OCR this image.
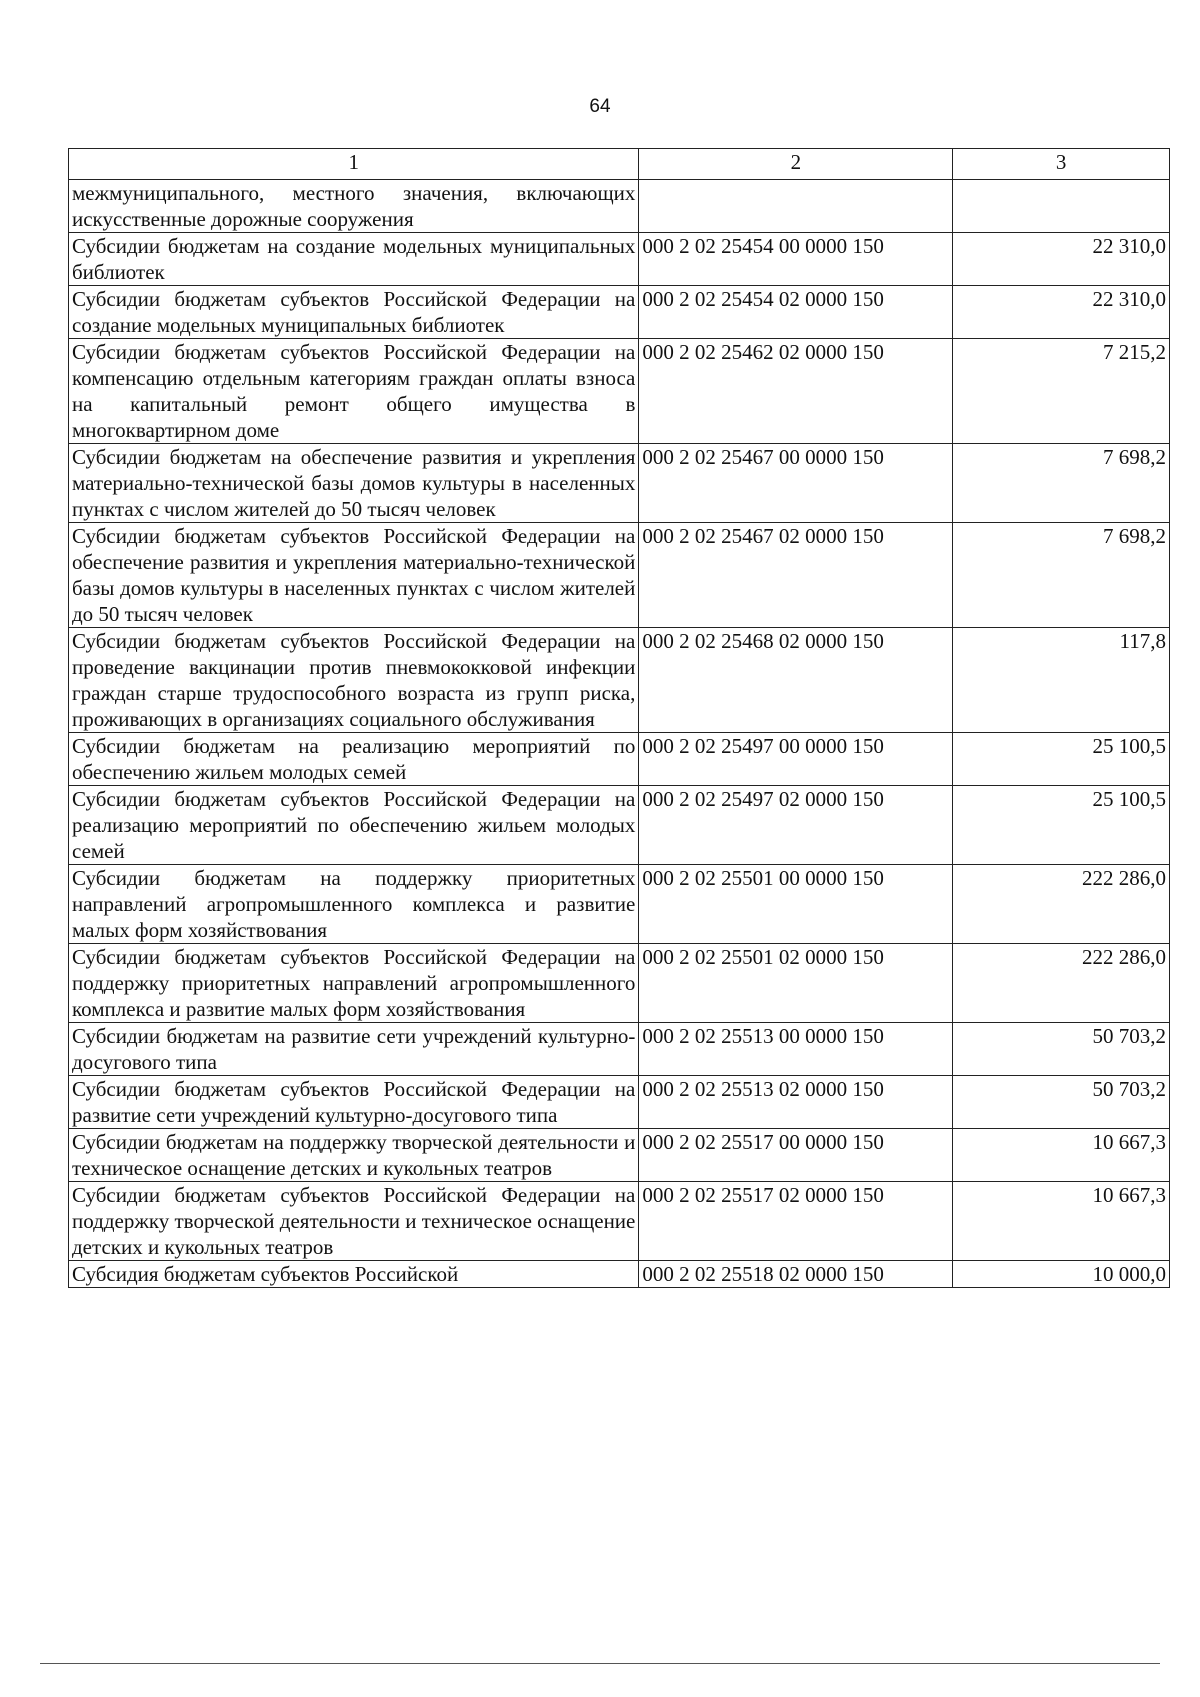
64
1	2	3
межмуниципального, местного значения, включающих искусственные дорожные сооружения		
Субсидии бюджетам на создание модельных муниципальных библиотек	000 2 02 25454 00 0000 150	22 310,0
Субсидии бюджетам субъектов Российской Федерации на создание модельных муниципальных библиотек	000 2 02 25454 02 0000 150	22 310,0
Субсидии бюджетам субъектов Российской Федерации на компенсацию отдельным категориям граждан оплаты взноса на капитальный ремонт общего имущества в многоквартирном доме	000 2 02 25462 02 0000 150	7 215,2
Субсидии бюджетам на обеспечение развития и укрепления материально-технической базы домов культуры в населенных пунктах с числом жителей до 50 тысяч человек	000 2 02 25467 00 0000 150	7 698,2
Субсидии бюджетам субъектов Российской Федерации на обеспечение развития и укрепления материально-технической базы домов культуры в населенных пунктах с числом жителей до 50 тысяч человек	000 2 02 25467 02 0000 150	7 698,2
Субсидии бюджетам субъектов Российской Федерации на проведение вакцинации против пневмококковой инфекции граждан старше трудоспособного возраста из групп риска, проживающих в организациях социального обслуживания	000 2 02 25468 02 0000 150	117,8
Субсидии бюджетам на реализацию мероприятий по обеспечению жильем молодых семей	000 2 02 25497 00 0000 150	25 100,5
Субсидии бюджетам субъектов Российской Федерации на реализацию мероприятий по обеспечению жильем молодых семей	000 2 02 25497 02 0000 150	25 100,5
Субсидии бюджетам на поддержку приоритетных направлений агропромышленного комплекса и развитие малых форм хозяйствования	000 2 02 25501 00 0000 150	222 286,0
Субсидии бюджетам субъектов Российской Федерации на поддержку приоритетных направлений агропромышленного комплекса и развитие малых форм хозяйствования	000 2 02 25501 02 0000 150	222 286,0
Субсидии бюджетам на развитие сети учреждений культурно-досугового типа	000 2 02 25513 00 0000 150	50 703,2
Субсидии бюджетам субъектов Российской Федерации на развитие сети учреждений культурно-досугового типа	000 2 02 25513 02 0000 150	50 703,2
Субсидии бюджетам на поддержку творческой деятельности и техническое оснащение детских и кукольных театров	000 2 02 25517 00 0000 150	10 667,3
Субсидии бюджетам субъектов Российской Федерации на поддержку творческой деятельности и техническое оснащение детских и кукольных театров	000 2 02 25517 02 0000 150	10 667,3
Субсидия бюджетам субъектов Российской	000 2 02 25518 02 0000 150	10 000,0
